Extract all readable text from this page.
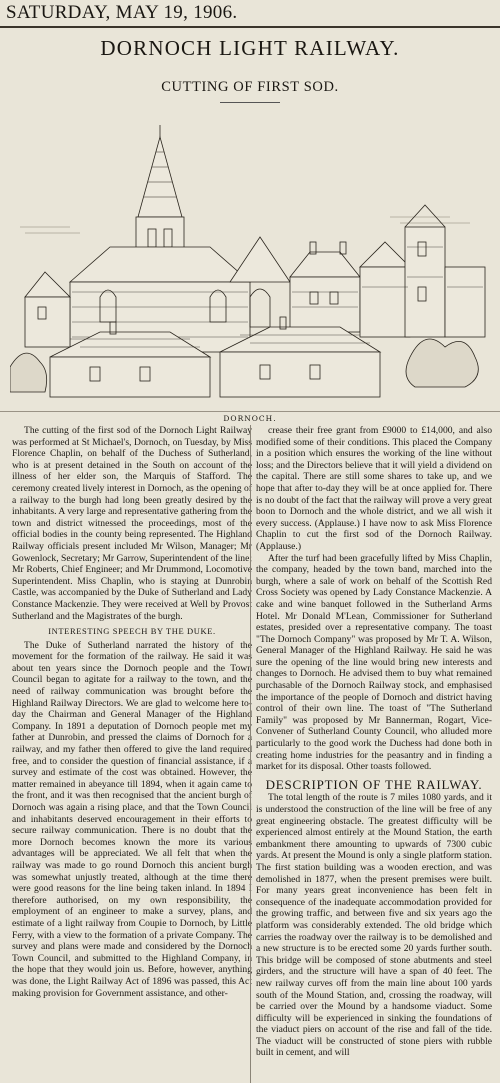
SATURDAY, MAY 19, 1906.
DORNOCH LIGHT RAILWAY.
CUTTING OF FIRST SOD.
DORNOCH.

The cutting of the first sod of the Dornoch Light Railway was performed at St Michael's, Dornoch, on Tuesday, by Miss Florence Chaplin, on behalf of the Duchess of Sutherland, who is at present detained in the South on account of the illness of her elder son, the Marquis of Stafford. The ceremony created lively interest in Dornoch, as the opening of a railway to the burgh had long been greatly desired by the inhabitants. A very large and representative gathering from the town and district witnessed the proceedings, most of the official bodies in the county being represented. The Highland Railway officials present included Mr Wilson, Manager; Mr Gowenlock, Secretary; Mr Garrow, Superintendent of the line; Mr Roberts, Chief Engineer; and Mr Drummond, Locomotive Superintendent. Miss Chaplin, who is staying at Dunrobin Castle, was accompanied by the Duke of Sutherland and Lady Constance Mackenzie. They were received at Well by Provost Sutherland and the Magistrates of the burgh.

INTERESTING SPEECH BY THE DUKE.

The Duke of Sutherland narrated the history of the movement for the formation of the railway. He said it was about ten years since the Dornoch people and the Town Council began to agitate for a railway to the town, and the need of railway communication was brought before the Highland Railway Directors. We are glad to welcome here to-day the Chairman and General Manager of the Highland Company. In 1891 a deputation of Dornoch people met my father at Dunrobin, and pressed the claims of Dornoch for a railway, and my father then offered to give the land required free, and to consider the question of financial assistance, if a survey and estimate of the cost was obtained. However, the matter remained in abeyance till 1894, when it again came to the front, and it was then recognised that the ancient burgh of Dornoch was again a rising place, and that the Town Council and inhabitants deserved encouragement in their efforts to secure railway communication. There is no doubt that the more Dornoch becomes known the more its various advantages will be appreciated. We all felt that when the railway was made to go round Dornoch this ancient burgh was somewhat unjustly treated, although at the time there were good reasons for the line being taken inland. In 1894 I therefore authorised, on my own responsibility, the employment of an engineer to make a survey, plans, and estimate of a light railway from Coupie to Dornoch, by Little Ferry, with a view to the formation of a private Company. The survey and plans were made and considered by the Dornoch Town Council, and submitted to the Highland Company, in the hope that they would join us. Before, however, anything was done, the Light Railway Act of 1896 was passed, this Act making provision for Government assistance, and other-

crease their free grant from £9000 to £14,000, and also modified some of their conditions. This placed the Company in a position which ensures the working of the line without loss; and the Directors believe that it will yield a dividend on the capital. There are still some shares to take up, and we hope that after to-day they will be at once applied for. There is no doubt of the fact that the railway will prove a very great boon to Dornoch and the whole district, and we all wish it every success. (Applause.) I have now to ask Miss Florence Chaplin to cut the first sod of the Dornoch Railway. (Applause.)

After the turf had been gracefully lifted by Miss Chaplin, the company, headed by the town band, marched into the burgh, where a sale of work on behalf of the Scottish Red Cross Society was opened by Lady Constance Mackenzie. A cake and wine banquet followed in the Sutherland Arms Hotel. Mr Donald M'Lean, Commissioner for Sutherland estates, presided over a representative company. The toast "The Dornoch Company" was proposed by Mr T. A. Wilson, General Manager of the Highland Railway. He said he was sure the opening of the line would bring new interests and changes to Dornoch. He advised them to buy what remained purchasable of the Dornoch Railway stock, and emphasised the importance of the people of Dornoch and district having control of their own line. The toast of "The Sutherland Family" was proposed by Mr Bannerman, Rogart, Vice-Convener of Sutherland County Council, who alluded more particularly to the good work the Duchess had done both in creating home industries for the peasantry and in finding a market for its disposal. Other toasts followed.

DESCRIPTION OF THE RAILWAY.

The total length of the route is 7 miles 1080 yards, and it is understood the construction of the line will be free of any great engineering obstacle. The greatest difficulty will be experienced almost entirely at the Mound Station, the earth embankment there amounting to upwards of 7300 cubic yards. At present the Mound is only a single platform station. The first station building was a wooden erection, and was demolished in 1877, when the present premises were built. For many years great inconvenience has been felt in consequence of the inadequate accommodation provided for the growing traffic, and between five and six years ago the platform was considerably extended. The old bridge which carries the roadway over the railway is to be demolished and a new structure is to be erected some 20 yards further south. This bridge will be composed of stone abutments and steel girders, and the structure will have a span of 40 feet. The new railway curves off from the main line about 100 yards south of the Mound Station, and, crossing the roadway, will be carried over the Mound by a handsome viaduct. Some difficulty will be experienced in sinking the foundations of the viaduct piers on account of the rise and fall of the tide. The viaduct will be constructed of stone piers with rubble built in cement, and will
